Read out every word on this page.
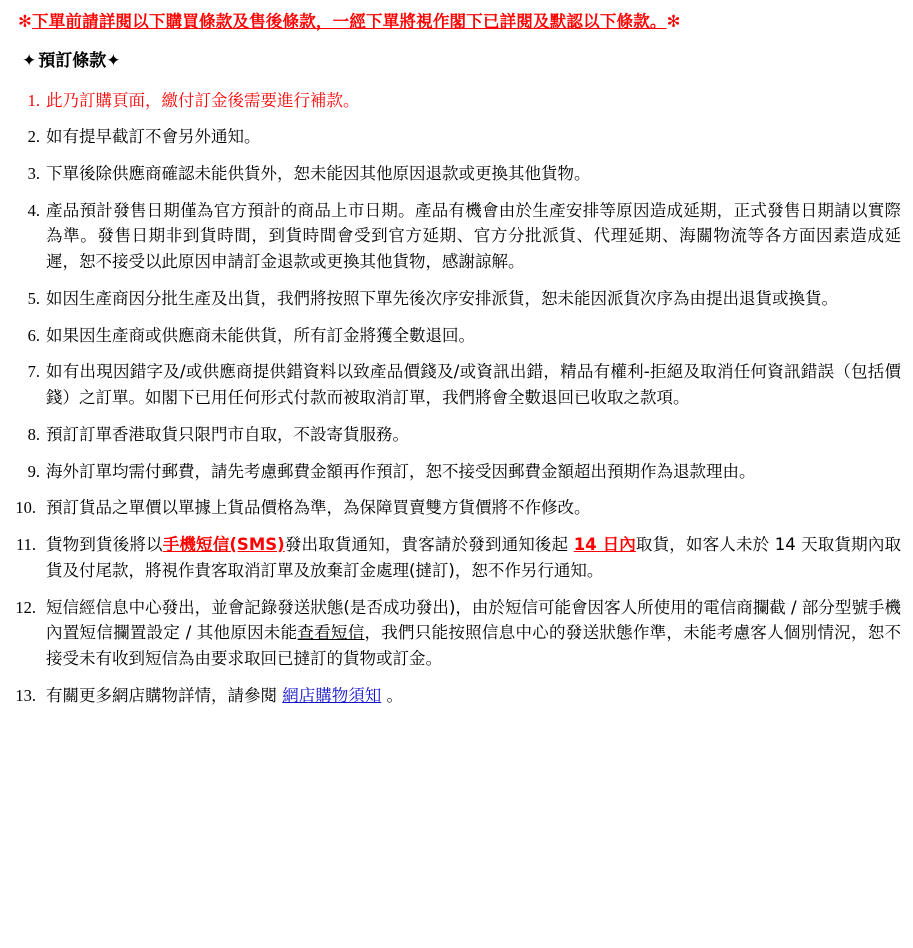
✻下單前請詳閱以下購買條款及售後條款，一經下單將視作閣下已詳閱及默認以下條款。✻
✦ 預訂條款✦
此乃訂購頁面，繳付訂金後需要進行補款。
如有提早截訂不會另外通知。
下單後除供應商確認未能供貨外，恕未能因其他原因退款或更換其他貨物。
產品預計發售日期僅為官方預計的商品上市日期。產品有機會由於生產安排等原因造成延期，正式發售日期請以實際為準。發售日期非到貨時間，到貨時間會受到官方延期、官方分批派貨、代理延期、海關物流等各方面因素造成延遲，恕不接受以此原因申請訂金退款或更換其他貨物，感謝諒解。
如因生產商因分批生產及出貨，我們將按照下單先後次序安排派貨，恕未能因派貨次序為由提出退貨或換貨。
如果因生產商或供應商未能供貨，所有訂金將獲全數退回。
如有出現因錯字及/或供應商提供錯資料以致產品價錢及/或資訊出錯，精品有權利-拒絕及取消任何資訊錯誤（包括價錢）之訂單。如閣下已用任何形式付款而被取消訂單，我們將會全數退回已收取之款項。
預訂訂單香港取貨只限門市自取，不設寄貨服務。
海外訂單均需付郵費，請先考慮郵費金額再作預訂，恕不接受因郵費金額超出預期作為退款理由。
預訂貨品之單價以單據上貨品價格為準，為保障買賣雙方貨價將不作修改。
貨物到貨後將以手機短信(SMS)發出取貨通知，貴客請於發到通知後起 14 日內取貨，如客人未於 14 天取貨期內取貨及付尾款，將視作貴客取消訂單及放棄訂金處理(撻訂)，恕不作另行通知。
短信經信息中心發出，並會記錄發送狀態(是否成功發出)，由於短信可能會因客人所使用的電信商攔截 / 部分型號手機內置短信攔置設定 / 其他原因未能查看短信，我們只能按照信息中心的發送狀態作準，未能考慮客人個別情況，恕不接受未有收到短信為由要求取回已撻訂的貨物或訂金。
有關更多網店購物詳情，請參閱 網店購物須知 。
